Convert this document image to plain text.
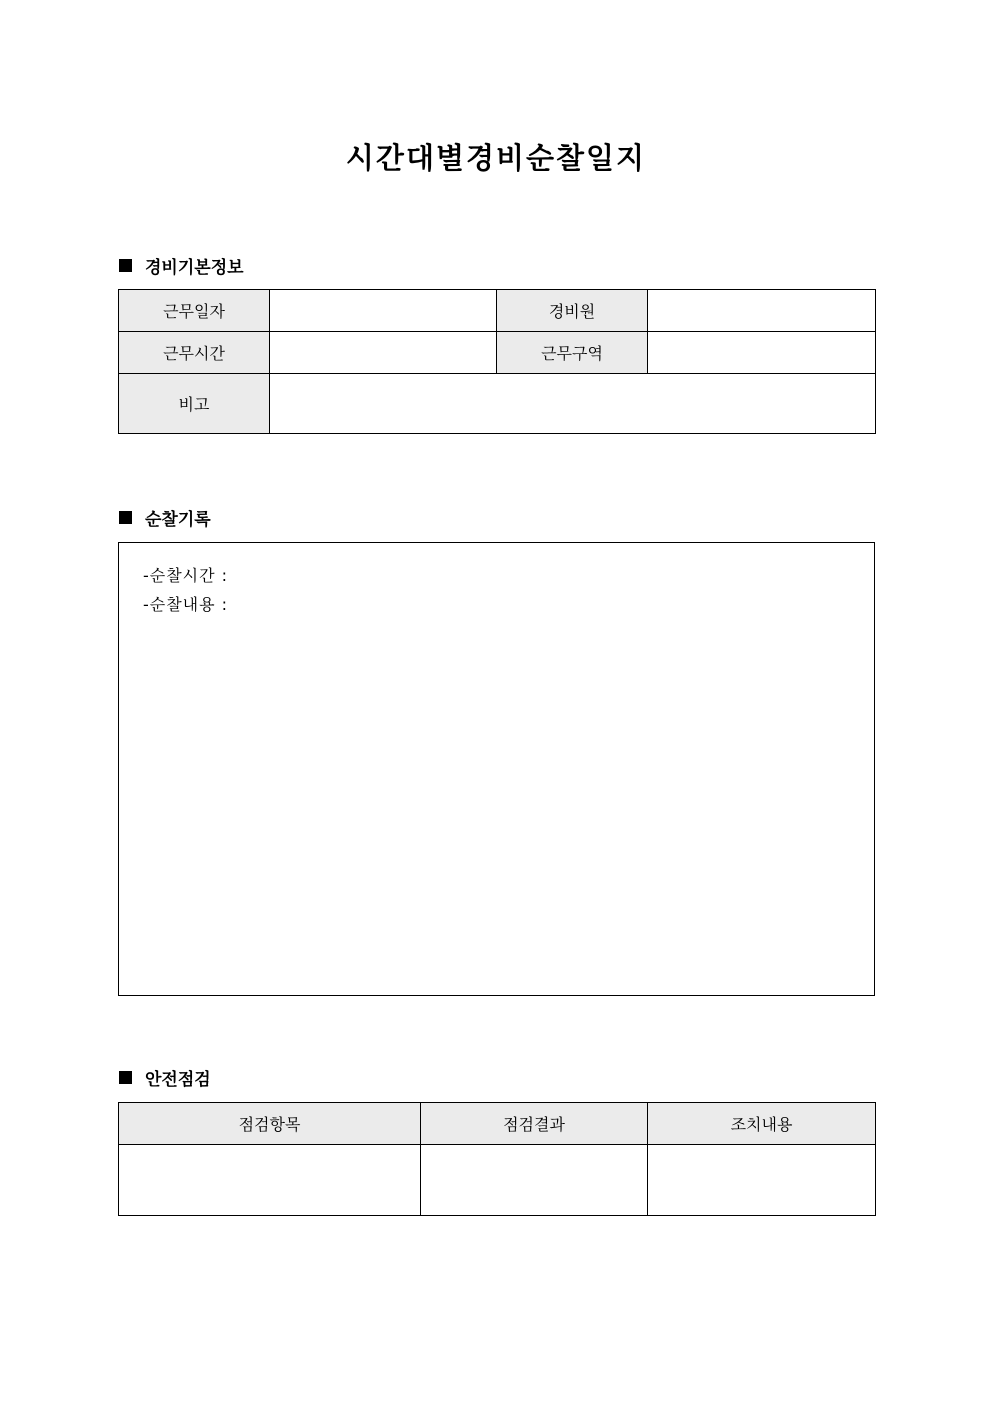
시간대별경비순찰일지
경비기본정보
근무일자		경비원	
근무시간		근무구역	
비고			
순찰기록
-순찰시간 :
-순찰내용 :
안전점검
점검항목	점검결과	조치내용
